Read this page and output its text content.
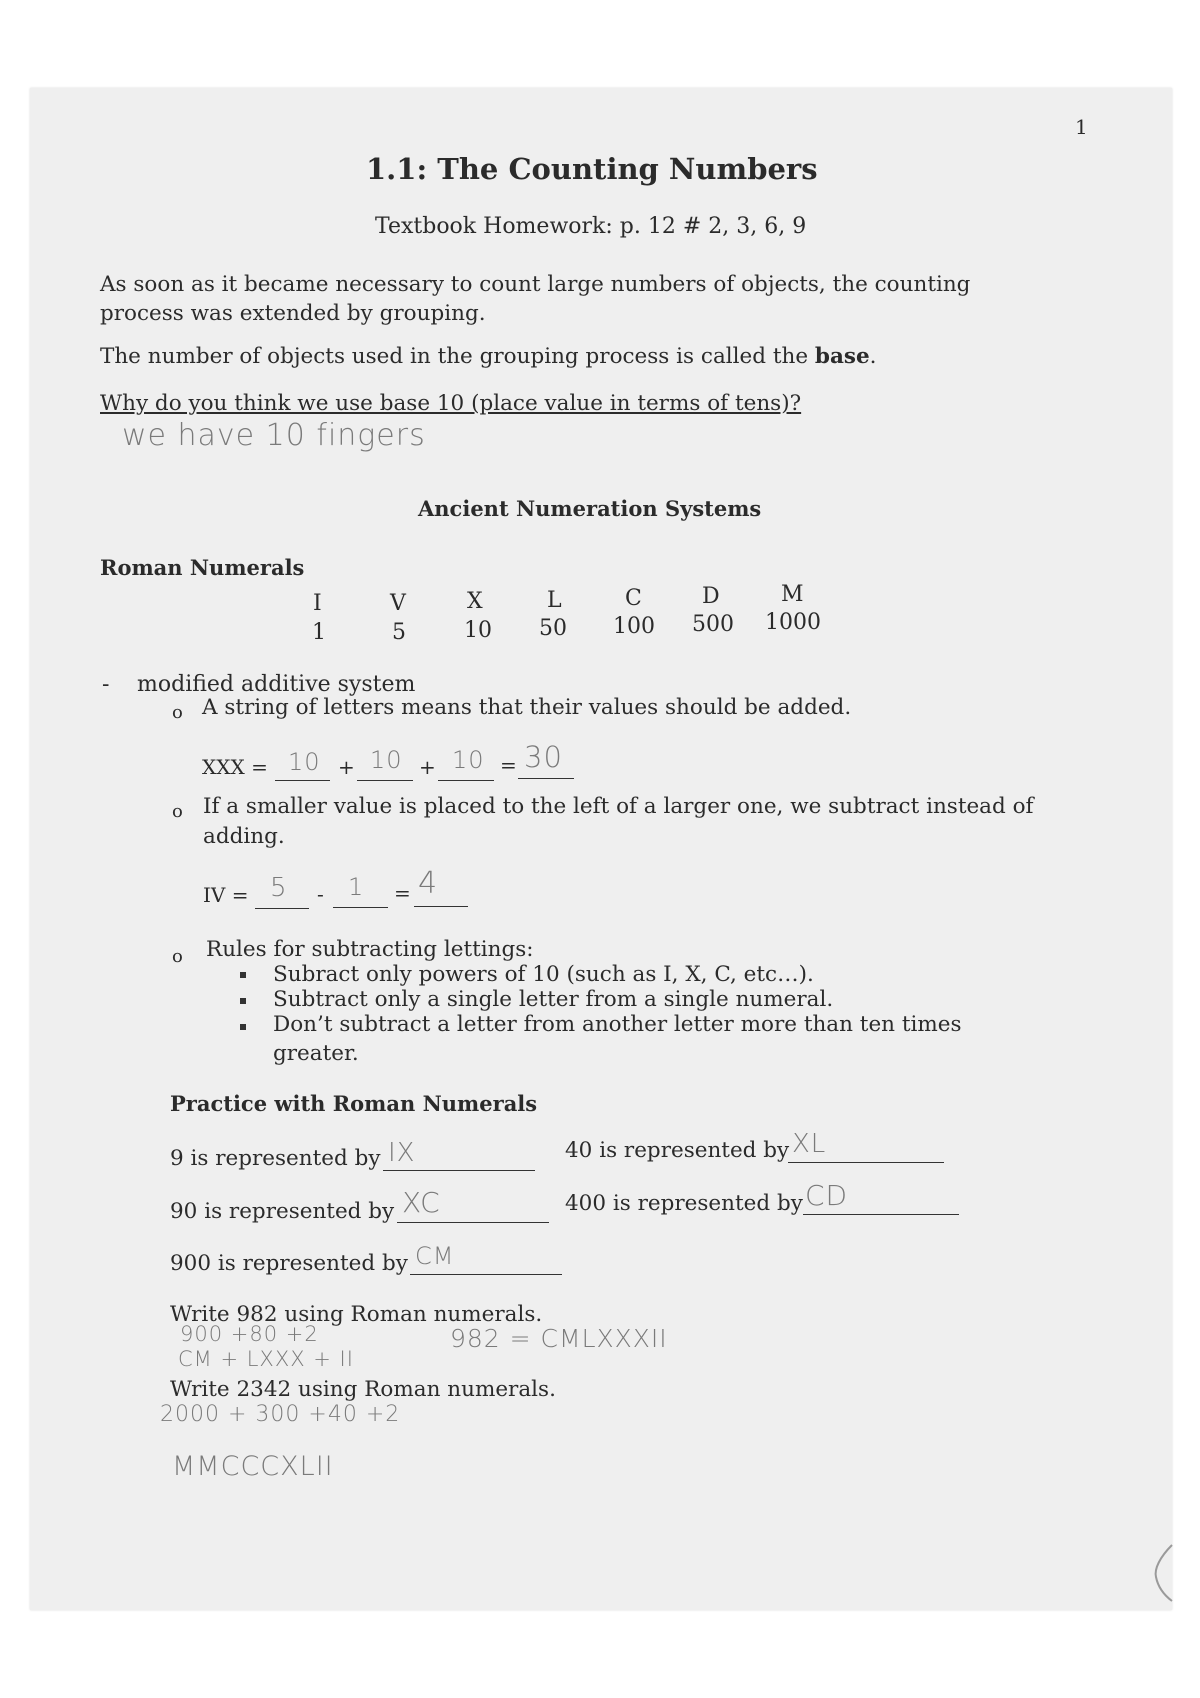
1
1.1: The Counting Numbers
Textbook Homework: p. 12 # 2, 3, 6, 9
As soon as it became necessary to count large numbers of objects, the counting
process was extended by grouping.
The number of objects used in the grouping process is called the base.
Why do you think we use base 10 (place value in terms of tens)?
we have 10 fingers
Ancient Numeration Systems
Roman Numerals
I
1
V
5
X
10
L
50
C
100
D
500
M
1000
- modified additive system
o A string of letters means that their values should be added.
XXX = 10 + 10 + 10 = 30
o If a smaller value is placed to the left of a larger one, we subtract instead of
adding.
IV = 5 - 1 = 4
o Rules for subtracting lettings:
Subract only powers of 10 (such as I, X, C, etc…).
Subtract only a single letter from a single numeral.
Don’t subtract a letter from another letter more than ten times
greater.
Practice with Roman Numerals
9 is represented by IX	40 is represented by XL
90 is represented by XC	400 is represented by CD
900 is represented by CM
Write 982 using Roman numerals.
900 +80 +2
CM + LXXX + II
982 = CMLXXXII
Write 2342 using Roman numerals.
2000 + 300 +40 +2
MMCCCXLII
